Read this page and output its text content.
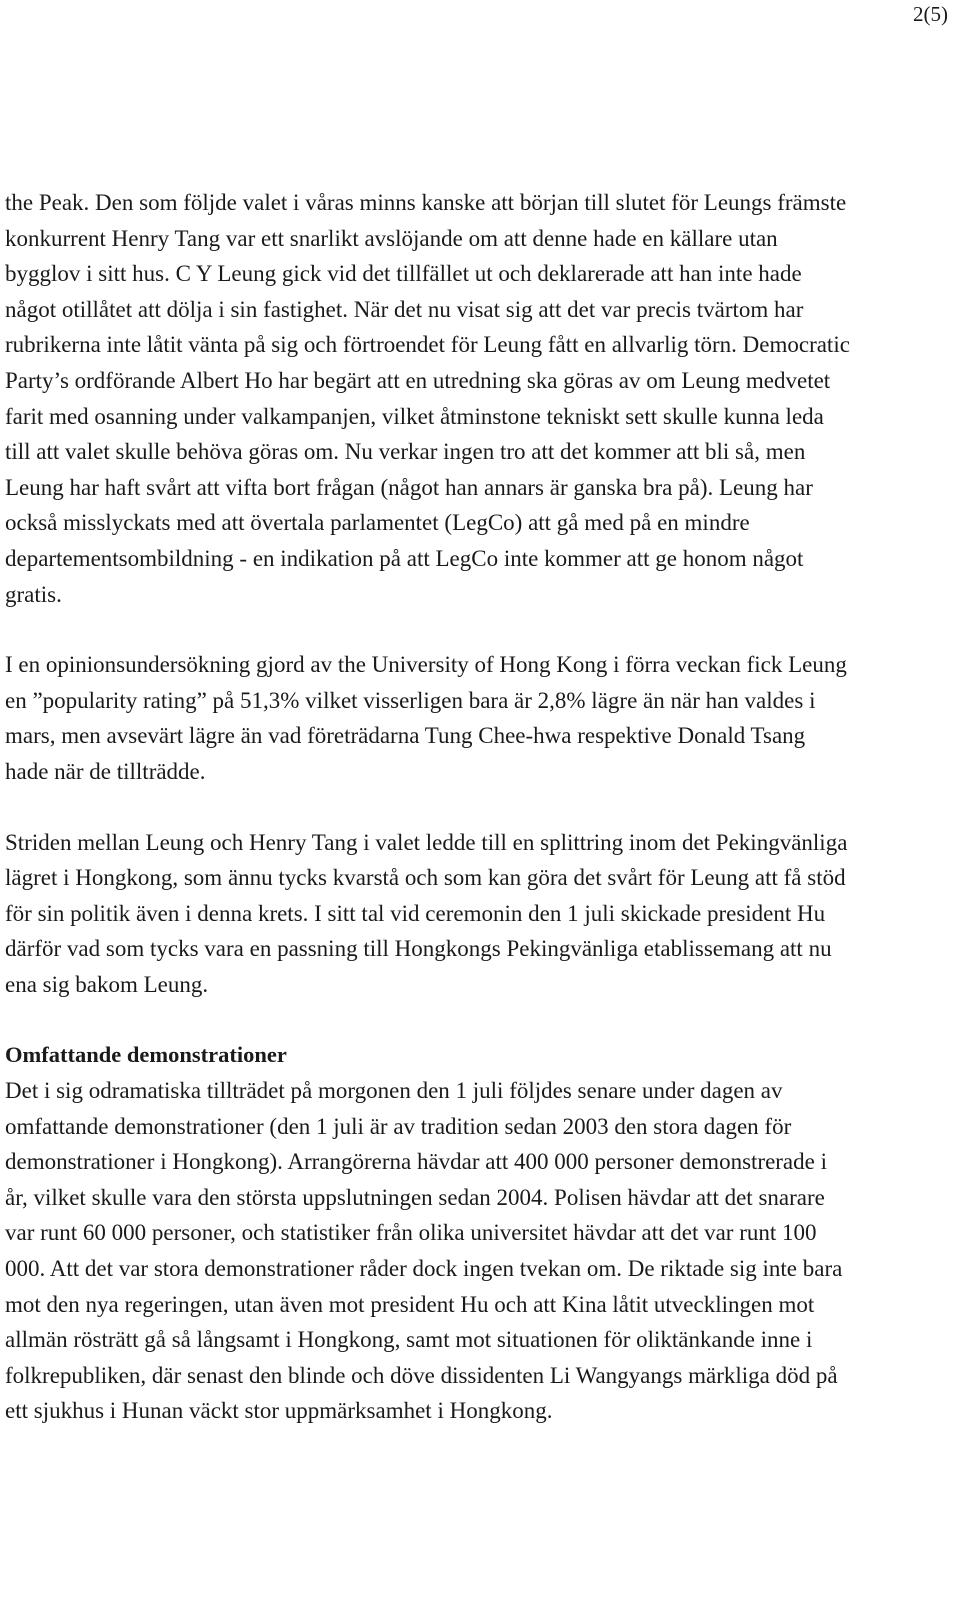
2(5)

the Peak. Den som följde valet i våras minns kanske att början till slutet för Leungs främste konkurrent Henry Tang var ett snarlikt avslöjande om att denne hade en källare utan bygglov i sitt hus. C Y Leung gick vid det tillfället ut och deklarerade att han inte hade något otillåtet att dölja i sin fastighet. När det nu visat sig att det var precis tvärtom har rubrikerna inte låtit vänta på sig och förtroendet för Leung fått en allvarlig törn. Democratic Party’s ordförande Albert Ho har begärt att en utredning ska göras av om Leung medvetet farit med osanning under valkampanjen, vilket åtminstone tekniskt sett skulle kunna leda till att valet skulle behöva göras om. Nu verkar ingen tro att det kommer att bli så, men Leung har haft svårt att vifta bort frågan (något han annars är ganska bra på). Leung har också misslyckats med att övertala parlamentet (LegCo) att gå med på en mindre departementsombildning - en indikation på att LegCo inte kommer att ge honom något gratis.

I en opinionsundersökning gjord av the University of Hong Kong i förra veckan fick Leung en ”popularity rating” på 51,3% vilket visserligen bara är 2,8% lägre än när han valdes i mars, men avsevärt lägre än vad företrädarna Tung Chee-hwa respektive Donald Tsang hade när de tillträdde.

Striden mellan Leung och Henry Tang i valet ledde till en splittring inom det Pekingvänliga lägret i Hongkong, som ännu tycks kvarstå och som kan göra det svårt för Leung att få stöd för sin politik även i denna krets. I sitt tal vid ceremonin den 1 juli skickade president Hu därför vad som tycks vara en passning till Hongkongs Pekingvänliga etablissemang att nu ena sig bakom Leung.

Omfattande demonstrationer

Det i sig odramatiska tillträdet på morgonen den 1 juli följdes senare under dagen av omfattande demonstrationer (den 1 juli är av tradition sedan 2003 den stora dagen för demonstrationer i Hongkong). Arrangörerna hävdar att 400 000 personer demonstrerade i år, vilket skulle vara den största uppslutningen sedan 2004. Polisen hävdar att det snarare var runt 60 000 personer, och statistiker från olika universitet hävdar att det var runt 100 000. Att det var stora demonstrationer råder dock ingen tvekan om. De riktade sig inte bara mot den nya regeringen, utan även mot president Hu och att Kina låtit utvecklingen mot allmän rösträtt gå så långsamt i Hongkong, samt mot situationen för oliktänkande inne i folkrepubliken, där senast den blinde och döve dissidenten Li Wangyangs märkliga död på ett sjukhus i Hunan väckt stor uppmärksamhet i Hongkong.
